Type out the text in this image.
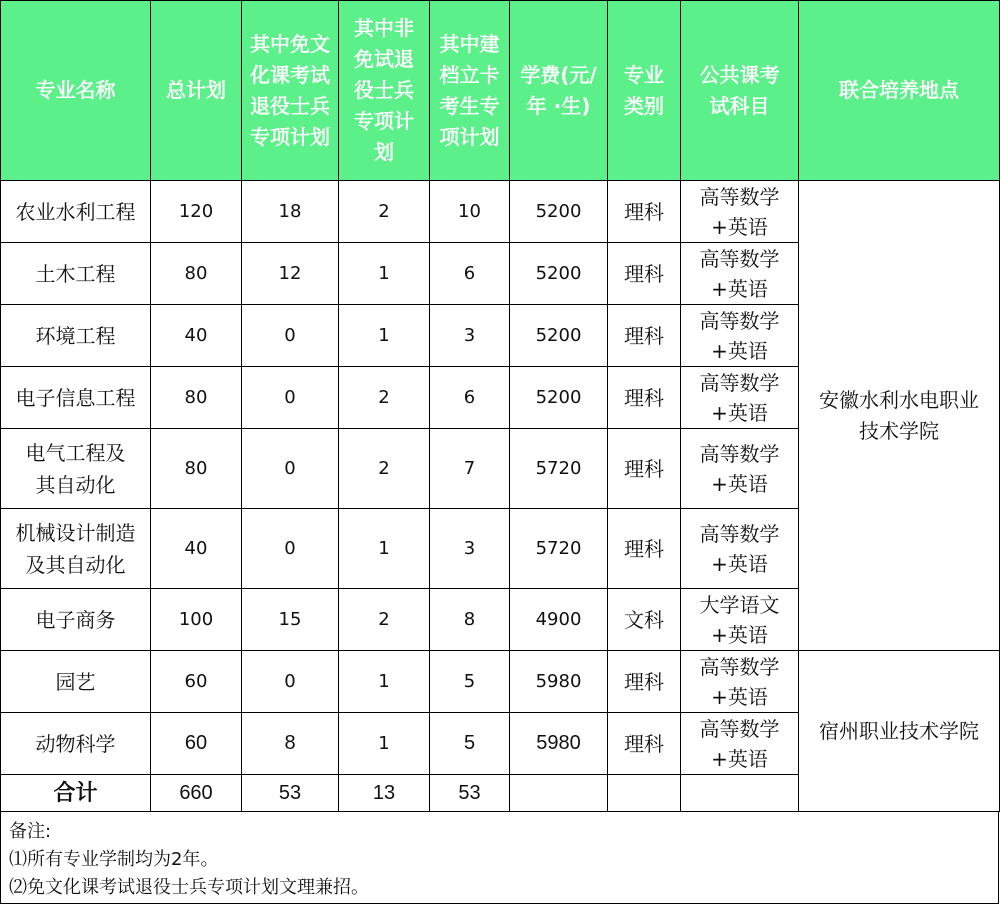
专业名称	总计划	其中免文化课考试退役士兵专项计划	其中非免试退役士兵专项计划	其中建档立卡考生专项计划	学费(元/年 ·生)	专业类别	公共课考试科目	联合培养地点
农业水利工程	120	18	2	10	5200	理科	高等数学+英语	安徽水利水电职业技术学院
土木工程	80	12	1	6	5200	理科	高等数学+英语	
环境工程	40	0	1	3	5200	理科	高等数学+英语	
电子信息工程	80	0	2	6	5200	理科	高等数学+英语	
电气工程及其自动化	80	0	2	7	5720	理科	高等数学+英语	
机械设计制造及其自动化	40	0	1	3	5720	理科	高等数学+英语	
电子商务	100	15	2	8	4900	文科	大学语文+英语	
园艺	60	0	1	5	5980	理科	高等数学+英语	宿州职业技术学院
动物科学	60	8	1	5	5980	理科	高等数学+英语	
合计	660	53	13	53				
备注:
⑴所有专业学制均为2年。
⑵免文化课考试退役士兵专项计划文理兼招。
